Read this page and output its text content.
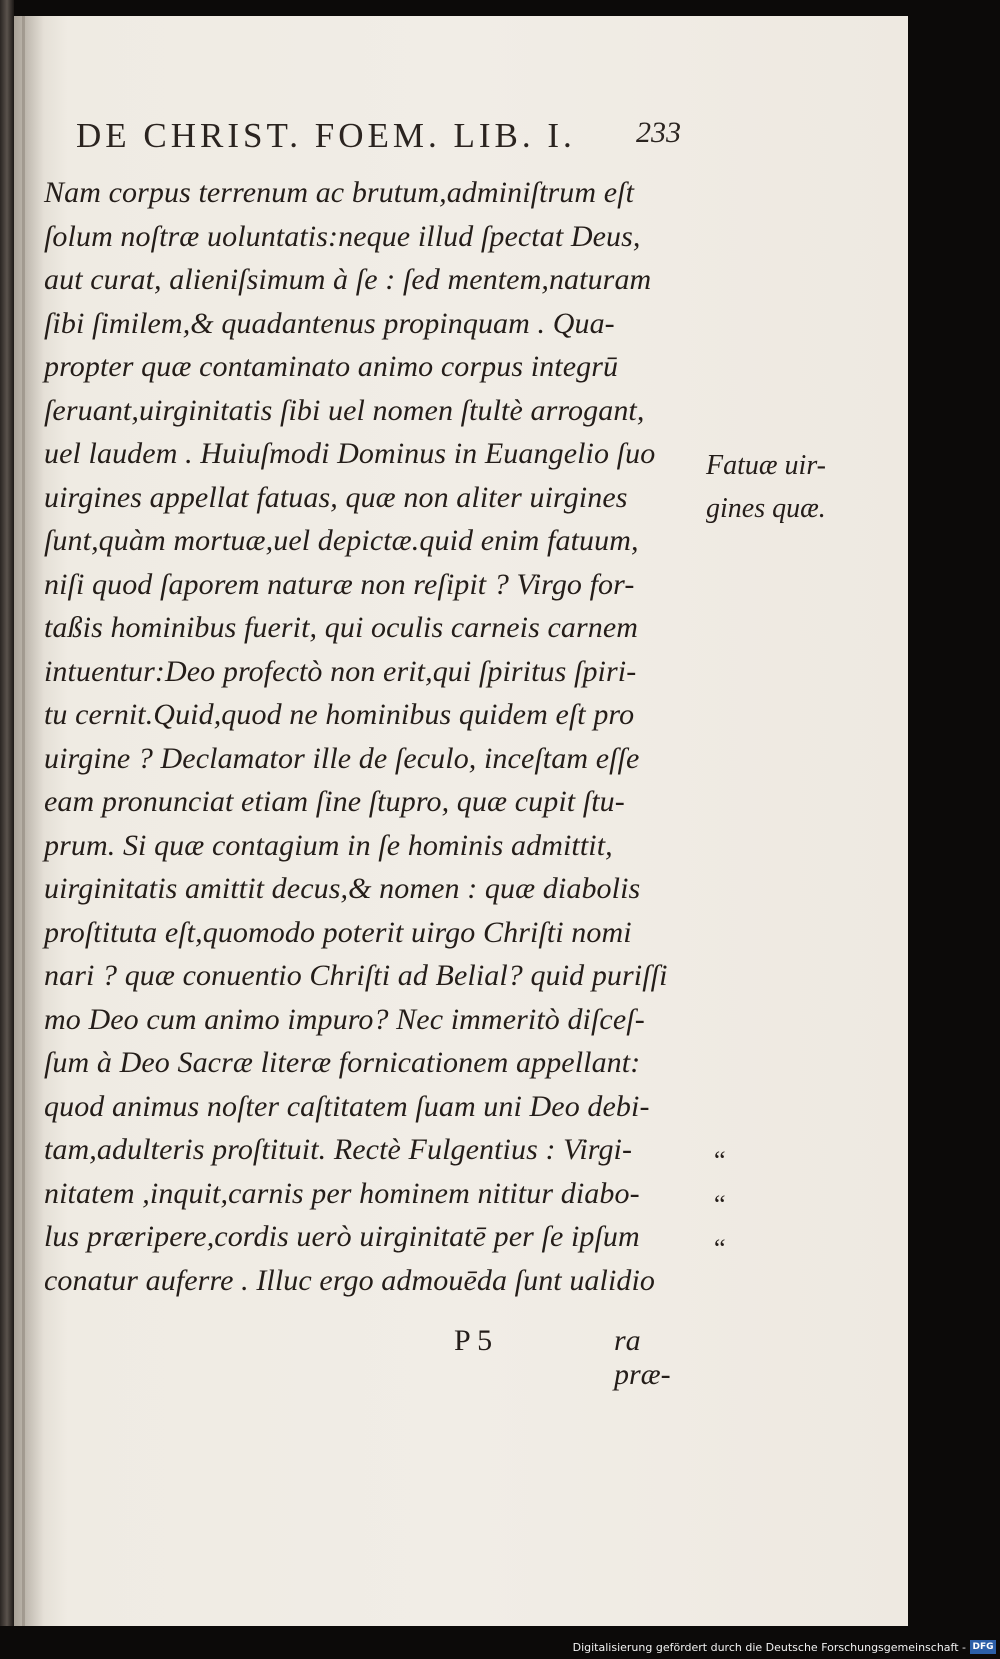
DE CHRIST. FOEM. LIB. I.	233
Nam corpus terrenum ac brutum,adminiſtrum eſt
ſolum noſtræ uoluntatis:neque illud ſpectat Deus,
aut curat, alieniſsimum à ſe : ſed mentem,naturam
ſibi ſimilem,& quadantenus propinquam . Qua-
propter quæ contaminato animo corpus integrū
ſeruant,uirginitatis ſibi uel nomen ſtultè arrogant,
uel laudem . Huiuſmodi Dominus in Euangelio ſuo
uirgines appellat fatuas, quæ non aliter uirgines
ſunt,quàm mortuæ,uel depictæ.quid enim fatuum,
niſi quod ſaporem naturæ non reſipit ? Virgo for-
taßis hominibus fuerit, qui oculis carneis carnem
intuentur:Deo profectò non erit,qui ſpiritus ſpiri-
tu cernit.Quid,quod ne hominibus quidem eſt pro
uirgine ? Declamator ille de ſeculo, inceſtam eſſe
eam pronunciat etiam ſine ſtupro, quæ cupit ſtu-
prum. Si quæ contagium in ſe hominis admittit,
uirginitatis amittit decus,& nomen : quæ diabolis
proſtituta eſt,quomodo poterit uirgo Chriſti nomi
nari ? quæ conuentio Chriſti ad Belial? quid puriſſi
mo Deo cum animo impuro? Nec immeritò diſceſ-
ſum à Deo Sacræ literæ fornicationem appellant:
quod animus noſter caſtitatem ſuam uni Deo debi-
tam,adulteris proſtituit. Rectè Fulgentius : Virgi-
nitatem ,inquit,carnis per hominem nititur diabo-
lus præripere,cordis uerò uirginitatē per ſe ipſum
conatur auferre . Illuc ergo admouēda ſunt ualidio
Fatuæ uir-
gines quæ.
“
“
“
P 5	ra præ-
Digitalisierung gefördert durch die Deutsche Forschungsgemeinschaft - DFG
